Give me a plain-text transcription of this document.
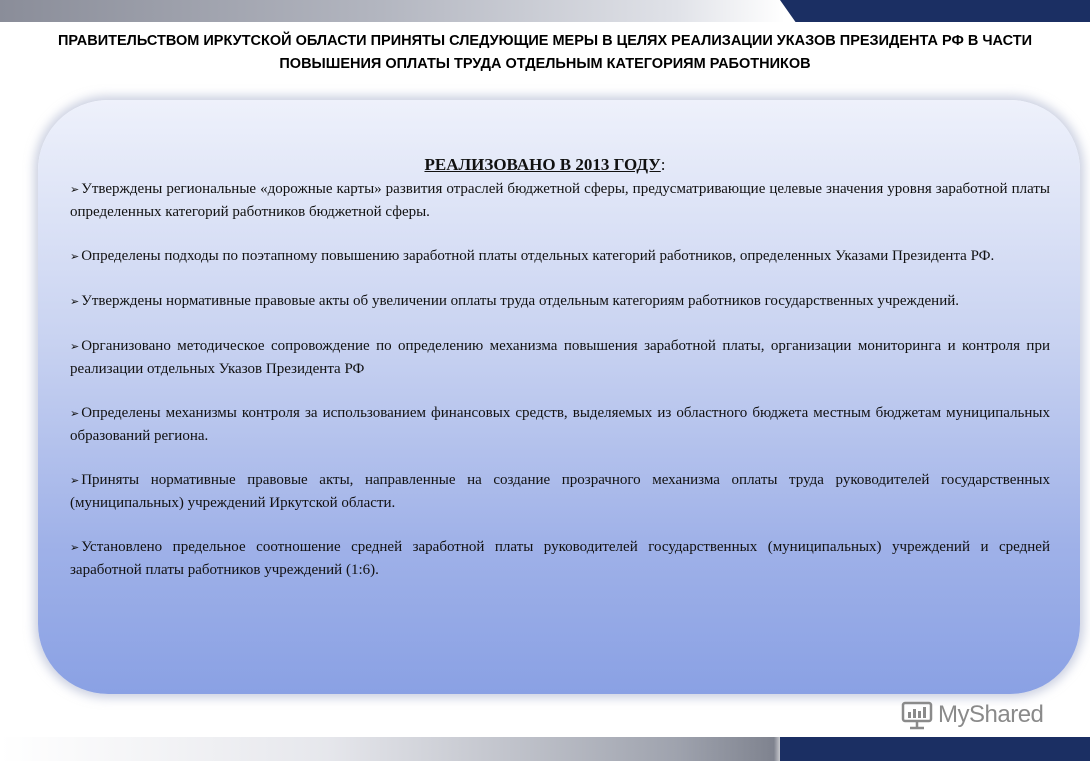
ПРАВИТЕЛЬСТВОМ ИРКУТСКОЙ ОБЛАСТИ ПРИНЯТЫ СЛЕДУЮЩИЕ МЕРЫ В ЦЕЛЯХ РЕАЛИЗАЦИИ УКАЗОВ ПРЕЗИДЕНТА РФ В ЧАСТИ
ПОВЫШЕНИЯ ОПЛАТЫ ТРУДА ОТДЕЛЬНЫМ КАТЕГОРИЯМ РАБОТНИКОВ
РЕАЛИЗОВАНО В 2013 ГОДУ:
➢ Утверждены региональные «дорожные карты» развития отраслей бюджетной сферы, предусматривающие целевые значения уровня заработной платы определенных категорий работников бюджетной сферы.
➢ Определены подходы по поэтапному повышению заработной платы отдельных категорий работников, определенных Указами Президента РФ.
➢ Утверждены нормативные правовые акты об увеличении оплаты труда отдельным категориям работников государственных учреждений.
➢ Организовано методическое сопровождение по определению механизма повышения заработной платы, организации мониторинга и контроля при реализации отдельных Указов Президента РФ
➢ Определены механизмы контроля за использованием финансовых средств, выделяемых из областного бюджета местным бюджетам муниципальных образований региона.
➢ Приняты нормативные правовые акты, направленные на создание прозрачного механизма оплаты труда руководителей государственных (муниципальных) учреждений Иркутской области.
➢ Установлено предельное соотношение средней заработной платы руководителей государственных (муниципальных) учреждений и средней заработной платы работников учреждений (1:6).
MyShared
